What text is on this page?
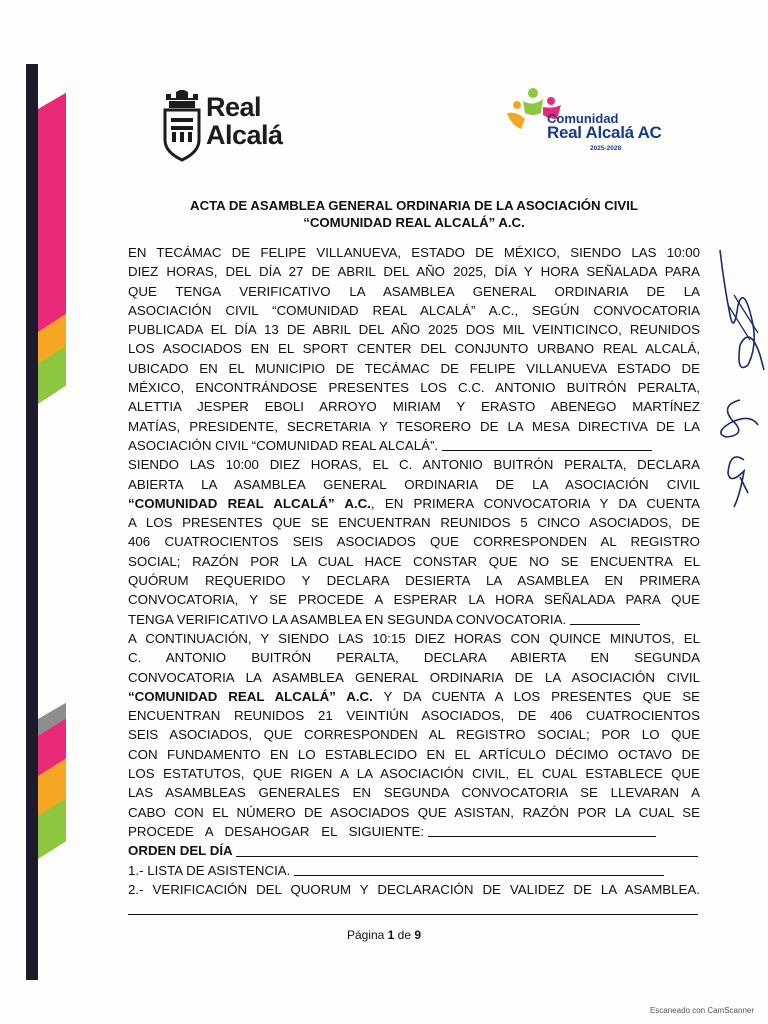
Real
Alcalá
Comunidad
Real Alcalá AC
2025-2028
ACTA DE ASAMBLEA GENERAL ORDINARIA DE LA ASOCIACIÓN CIVIL
“COMUNIDAD REAL ALCALÁ” A.C.
EN TECÁMAC DE FELIPE VILLANUEVA, ESTADO DE MÉXICO, SIENDO LAS 10:00
DIEZ HORAS, DEL DÍA 27 DE ABRIL DEL AÑO 2025, DÍA Y HORA SEÑALADA PARA
QUE TENGA VERIFICATIVO LA ASAMBLEA GENERAL ORDINARIA DE LA
ASOCIACIÓN CIVIL “COMUNIDAD REAL ALCALÁ” A.C., SEGÚN CONVOCATORIA
PUBLICADA EL DÍA 13 DE ABRIL DEL AÑO 2025 DOS MIL VEINTICINCO, REUNIDOS
LOS ASOCIADOS EN EL SPORT CENTER DEL CONJUNTO URBANO REAL ALCALÁ,
UBICADO EN EL MUNICIPIO DE TECÁMAC DE FELIPE VILLANUEVA ESTADO DE
MÉXICO, ENCONTRÁNDOSE PRESENTES LOS C.C. ANTONIO BUITRÓN PERALTA,
ALETTIA JESPER EBOLI ARROYO MIRIAM Y ERASTO ABENEGO MARTÍNEZ
MATÍAS, PRESIDENTE, SECRETARIA Y TESORERO DE LA MESA DIRECTIVA DE LA
ASOCIACIÓN CIVIL “COMUNIDAD REAL ALCALÁ”.
SIENDO LAS 10:00 DIEZ HORAS, EL C. ANTONIO BUITRÓN PERALTA, DECLARA
ABIERTA LA ASAMBLEA GENERAL ORDINARIA DE LA ASOCIACIÓN CIVIL
“COMUNIDAD REAL ALCALÁ” A.C., EN PRIMERA CONVOCATORIA Y DA CUENTA
A LOS PRESENTES QUE SE ENCUENTRAN REUNIDOS 5 CINCO ASOCIADOS, DE
406 CUATROCIENTOS SEIS ASOCIADOS QUE CORRESPONDEN AL REGISTRO
SOCIAL; RAZÓN POR LA CUAL HACE CONSTAR QUE NO SE ENCUENTRA EL
QUÓRUM REQUERIDO Y DECLARA DESIERTA LA ASAMBLEA EN PRIMERA
CONVOCATORIA, Y SE PROCEDE A ESPERAR LA HORA SEÑALADA PARA QUE
TENGA VERIFICATIVO LA ASAMBLEA EN SEGUNDA CONVOCATORIA.
A CONTINUACIÓN, Y SIENDO LAS 10:15 DIEZ HORAS CON QUINCE MINUTOS, EL
C. ANTONIO BUITRÓN PERALTA, DECLARA ABIERTA EN SEGUNDA
CONVOCATORIA LA ASAMBLEA GENERAL ORDINARIA DE LA ASOCIACIÓN CIVIL
“COMUNIDAD REAL ALCALÁ” A.C. Y DA CUENTA A LOS PRESENTES QUE SE
ENCUENTRAN REUNIDOS 21 VEINTIÚN ASOCIADOS, DE 406 CUATROCIENTOS
SEIS ASOCIADOS, QUE CORRESPONDEN AL REGISTRO SOCIAL; POR LO QUE
CON FUNDAMENTO EN LO ESTABLECIDO EN EL ARTÍCULO DÉCIMO OCTAVO DE
LOS ESTATUTOS, QUE RIGEN A LA ASOCIACIÓN CIVIL, EL CUAL ESTABLECE QUE
LAS ASAMBLEAS GENERALES EN SEGUNDA CONVOCATORIA SE LLEVARAN A
CABO CON EL NÚMERO DE ASOCIADOS QUE ASISTAN, RAZÓN POR LA CUAL SE
PROCEDE A DESAHOGAR EL SIGUIENTE:
ORDEN DEL DÍA
1.- LISTA DE ASISTENCIA.
2.- VERIFICACIÓN DEL QUORUM Y DECLARACIÓN DE VALIDEZ DE LA ASAMBLEA.
Página 1 de 9
Escaneado con CamScanner
